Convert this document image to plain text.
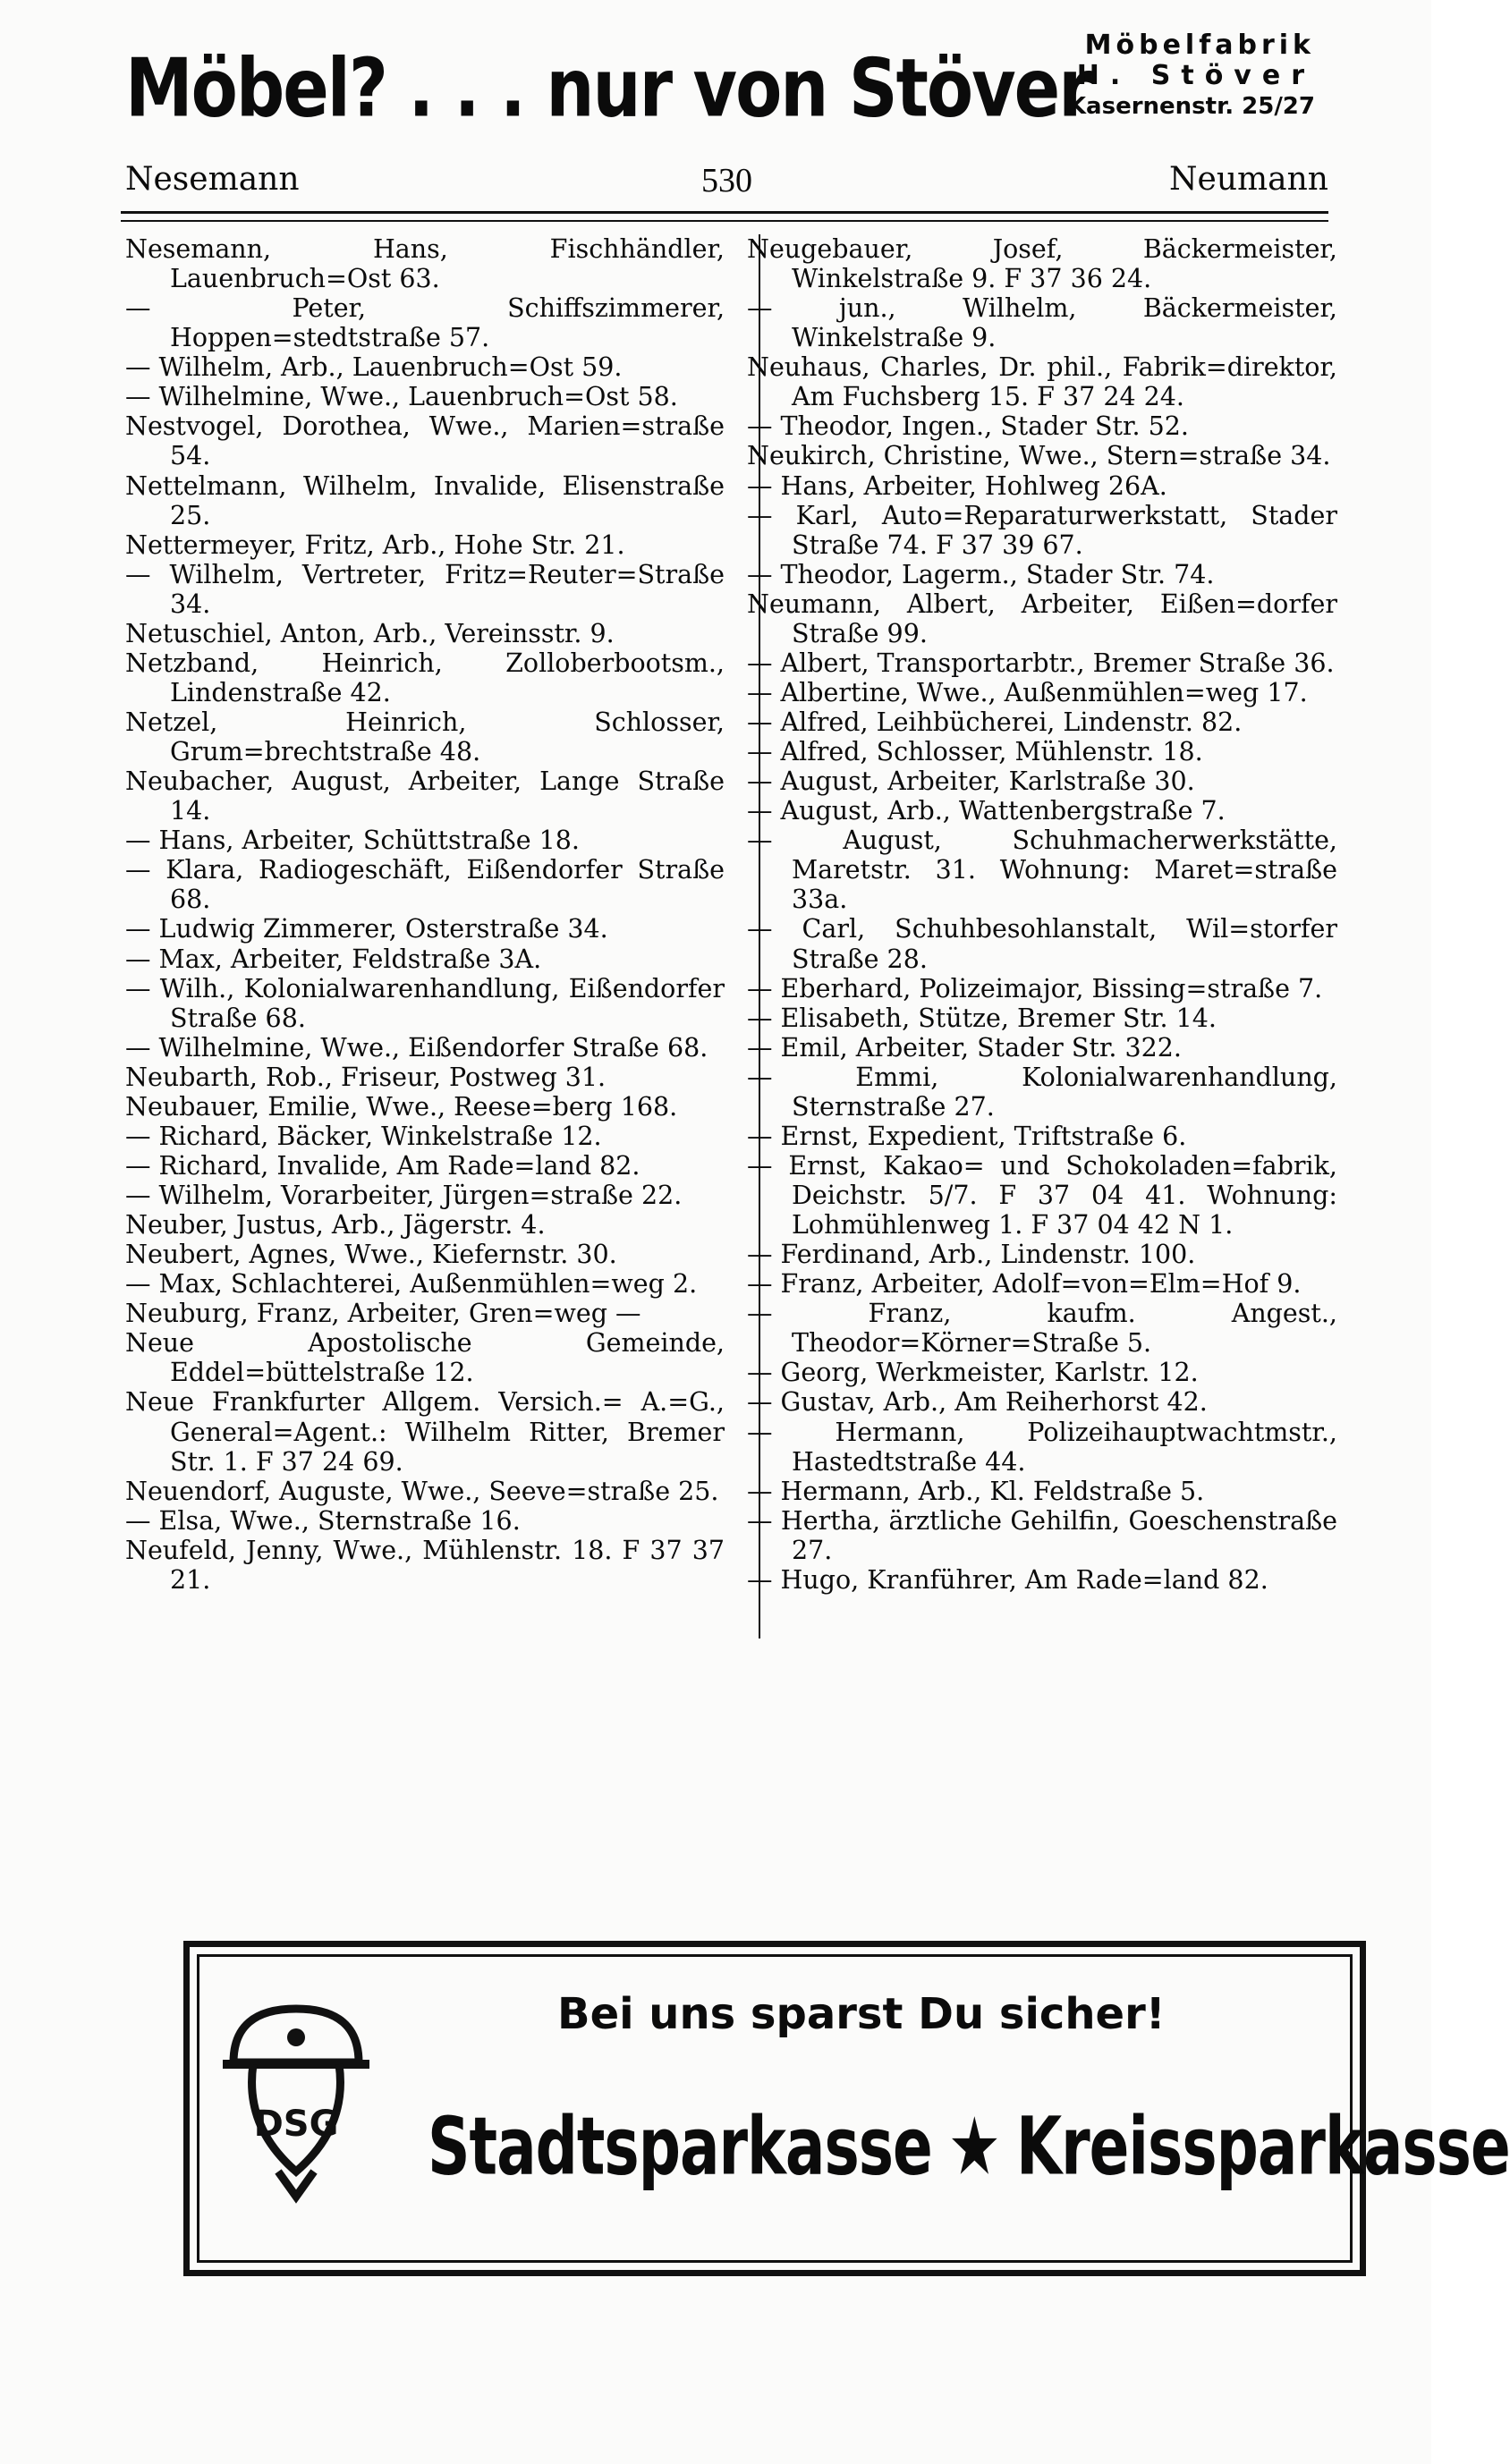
Möbel? . . . nur von Stöver
Möbelfabrik
H. Stöver
Kasernenstr. 25/27
Nesemann	530	Neumann
Nesemann, Hans, Fischhändler, Lauenbruch=Ost 63.
— Peter, Schiffszimmerer, Hoppen=stedtstraße 57.
— Wilhelm, Arb., Lauenbruch=Ost 59.
— Wilhelmine, Wwe., Lauenbruch=Ost 58.
Nestvogel, Dorothea, Wwe., Marien=straße 54.
Nettelmann, Wilhelm, Invalide, Elisenstraße 25.
Nettermeyer, Fritz, Arb., Hohe Str. 21.
— Wilhelm, Vertreter, Fritz=Reuter=Straße 34.
Netuschiel, Anton, Arb., Vereinsstr. 9.
Netzband, Heinrich, Zolloberbootsm., Lindenstraße 42.
Netzel, Heinrich, Schlosser, Grum=brechtstraße 48.
Neubacher, August, Arbeiter, Lange Straße 14.
— Hans, Arbeiter, Schüttstraße 18.
— Klara, Radiogeschäft, Eißendorfer Straße 68.
— Ludwig Zimmerer, Osterstraße 34.
— Max, Arbeiter, Feldstraße 3A.
— Wilh., Kolonialwarenhandlung, Eißendorfer Straße 68.
— Wilhelmine, Wwe., Eißendorfer Straße 68.
Neubarth, Rob., Friseur, Postweg 31.
Neubauer, Emilie, Wwe., Reese=berg 168.
— Richard, Bäcker, Winkelstraße 12.
— Richard, Invalide, Am Rade=land 82.
— Wilhelm, Vorarbeiter, Jürgen=straße 22.
Neuber, Justus, Arb., Jägerstr. 4.
Neubert, Agnes, Wwe., Kiefernstr. 30.
— Max, Schlachterei, Außenmühlen=weg 2.
Neuburg, Franz, Arbeiter, Gren=weg —
Neue Apostolische Gemeinde, Eddel=büttelstraße 12.
Neue Frankfurter Allgem. Versich.= A.=G., General=Agent.: Wilhelm Ritter, Bremer Str. 1. F 37 24 69.
Neuendorf, Auguste, Wwe., Seeve=straße 25.
— Elsa, Wwe., Sternstraße 16.
Neufeld, Jenny, Wwe., Mühlenstr. 18. F 37 37 21.
Neugebauer, Josef, Bäckermeister, Winkelstraße 9. F 37 36 24.
— jun., Wilhelm, Bäckermeister, Winkelstraße 9.
Neuhaus, Charles, Dr. phil., Fabrik=direktor, Am Fuchsberg 15. F 37 24 24.
— Theodor, Ingen., Stader Str. 52.
Neukirch, Christine, Wwe., Stern=straße 34.
— Hans, Arbeiter, Hohlweg 26A.
— Karl, Auto=Reparaturwerkstatt, Stader Straße 74. F 37 39 67.
— Theodor, Lagerm., Stader Str. 74.
Neumann, Albert, Arbeiter, Eißen=dorfer Straße 99.
— Albert, Transportarbtr., Bremer Straße 36.
— Albertine, Wwe., Außenmühlen=weg 17.
— Alfred, Leihbücherei, Lindenstr. 82.
— Alfred, Schlosser, Mühlenstr. 18.
— August, Arbeiter, Karlstraße 30.
— August, Arb., Wattenbergstraße 7.
— August, Schuhmacherwerkstätte, Maretstr. 31. Wohnung: Maret=straße 33a.
— Carl, Schuhbesohlanstalt, Wil=storfer Straße 28.
— Eberhard, Polizeimajor, Bissing=straße 7.
— Elisabeth, Stütze, Bremer Str. 14.
— Emil, Arbeiter, Stader Str. 322.
— Emmi, Kolonialwarenhandlung, Sternstraße 27.
— Ernst, Expedient, Triftstraße 6.
— Ernst, Kakao= und Schokoladen=fabrik, Deichstr. 5/7. F 37 04 41. Wohnung: Lohmühlenweg 1. F 37 04 42 N 1.
— Ferdinand, Arb., Lindenstr. 100.
— Franz, Arbeiter, Adolf=von=Elm=Hof 9.
— Franz, kaufm. Angest., Theodor=Körner=Straße 5.
— Georg, Werkmeister, Karlstr. 12.
— Gustav, Arb., Am Reiherhorst 42.
— Hermann, Polizeihauptwachtmstr., Hastedtstraße 44.
— Hermann, Arb., Kl. Feldstraße 5.
— Hertha, ärztliche Gehilfin, Goeschenstraße 27.
— Hugo, Kranführer, Am Rade=land 82.
DSG
Bei uns sparst Du sicher!
Stadtsparkasse ★ Kreissparkasse
